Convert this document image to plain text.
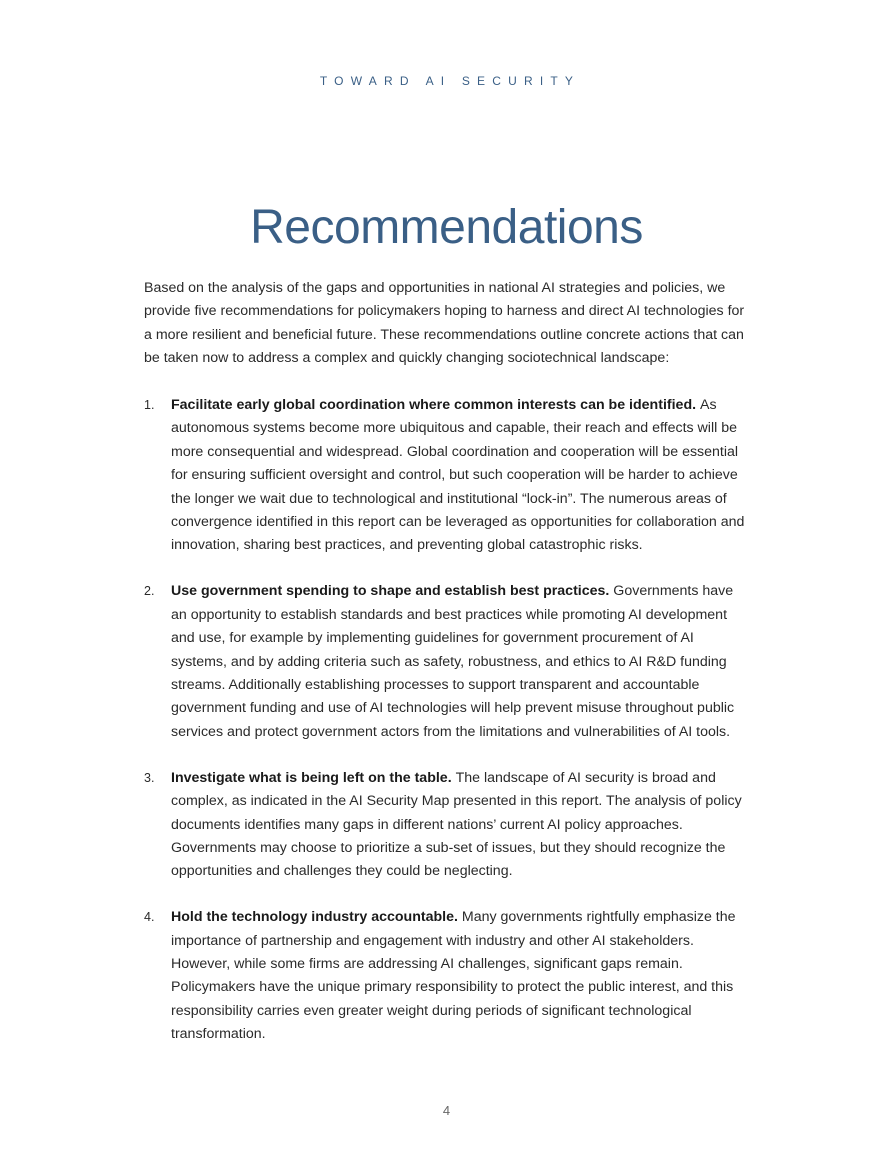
TOWARD AI SECURITY
Recommendations

Based on the analysis of the gaps and opportunities in national AI strategies and policies, we provide five recommendations for policymakers hoping to harness and direct AI technologies for a more resilient and beneficial future. These recommendations outline concrete actions that can be taken now to address a complex and quickly changing sociotechnical landscape:

1. Facilitate early global coordination where common interests can be identified. As autonomous systems become more ubiquitous and capable, their reach and effects will be more consequential and widespread. Global coordination and cooperation will be essential for ensuring sufficient oversight and control, but such cooperation will be harder to achieve the longer we wait due to technological and institutional “lock-in”. The numerous areas of convergence identified in this report can be leveraged as opportunities for collaboration and innovation, sharing best practices, and preventing global catastrophic risks.
2. Use government spending to shape and establish best practices. Governments have an opportunity to establish standards and best practices while promoting AI development and use, for example by implementing guidelines for government procurement of AI systems, and by adding criteria such as safety, robustness, and ethics to AI R&D funding streams. Additionally establishing processes to support transparent and accountable government funding and use of AI technologies will help prevent misuse throughout public services and protect government actors from the limitations and vulnerabilities of AI tools.
3. Investigate what is being left on the table. The landscape of AI security is broad and complex, as indicated in the AI Security Map presented in this report. The analysis of policy documents identifies many gaps in different nations’ current AI policy approaches. Governments may choose to prioritize a sub-set of issues, but they should recognize the opportunities and challenges they could be neglecting.
4. Hold the technology industry accountable. Many governments rightfully emphasize the importance of partnership and engagement with industry and other AI stakeholders. However, while some firms are addressing AI challenges, significant gaps remain. Policymakers have the unique primary responsibility to protect the public interest, and this responsibility carries even greater weight during periods of significant technological transformation.
4
